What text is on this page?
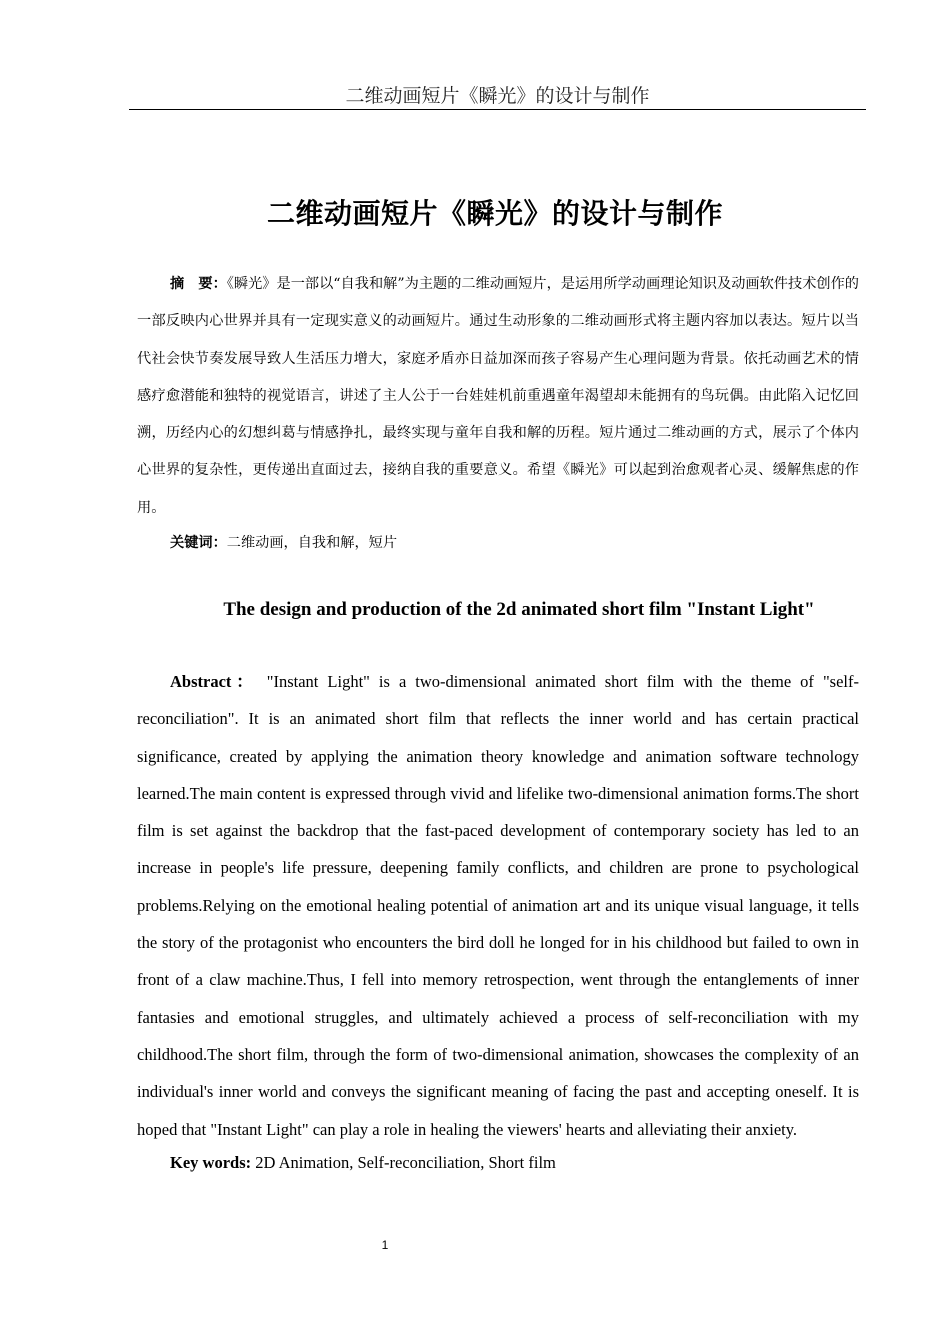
二维动画短片《瞬光》的设计与制作
二维动画短片《瞬光》的设计与制作

摘　要：《瞬光》是一部以“自我和解”为主题的二维动画短片，是运用所学动画理论知识及动画软件技术创作的一部反映内心世界并具有一定现实意义的动画短片。通过生动形象的二维动画形式将主题内容加以表达。短片以当代社会快节奏发展导致人生活压力增大，家庭矛盾亦日益加深而孩子容易产生心理问题为背景。依托动画艺术的情感疗愈潜能和独特的视觉语言，讲述了主人公于一台娃娃机前重遇童年渴望却未能拥有的鸟玩偶。由此陷入记忆回溯，历经内心的幻想纠葛与情感挣扎，最终实现与童年自我和解的历程。短片通过二维动画的方式，展示了个体内心世界的复杂性，更传递出直面过去，接纳自我的重要意义。希望《瞬光》可以起到治愈观者心灵、缓解焦虑的作用。

关键词：二维动画，自我和解，短片

The design and production of the 2d animated short film "Instant Light"

Abstract： "Instant Light" is a two-dimensional animated short film with the theme of "self-reconciliation". It is an animated short film that reflects the inner world and has certain practical significance, created by applying the animation theory knowledge and animation software technology learned.The main content is expressed through vivid and lifelike two-dimensional animation forms.The short film is set against the backdrop that the fast-paced development of contemporary society has led to an increase in people's life pressure, deepening family conflicts, and children are prone to psychological problems.Relying on the emotional healing potential of animation art and its unique visual language, it tells the story of the protagonist who encounters the bird doll he longed for in his childhood but failed to own in front of a claw machine.Thus, I fell into memory retrospection, went through the entanglements of inner fantasies and emotional struggles, and ultimately achieved a process of self-reconciliation with my childhood.The short film, through the form of two-dimensional animation, showcases the complexity of an individual's inner world and conveys the significant meaning of facing the past and accepting oneself. It is hoped that "Instant Light" can play a role in healing the viewers' hearts and alleviating their anxiety.

Key words: 2D Animation, Self-reconciliation, Short film

1
